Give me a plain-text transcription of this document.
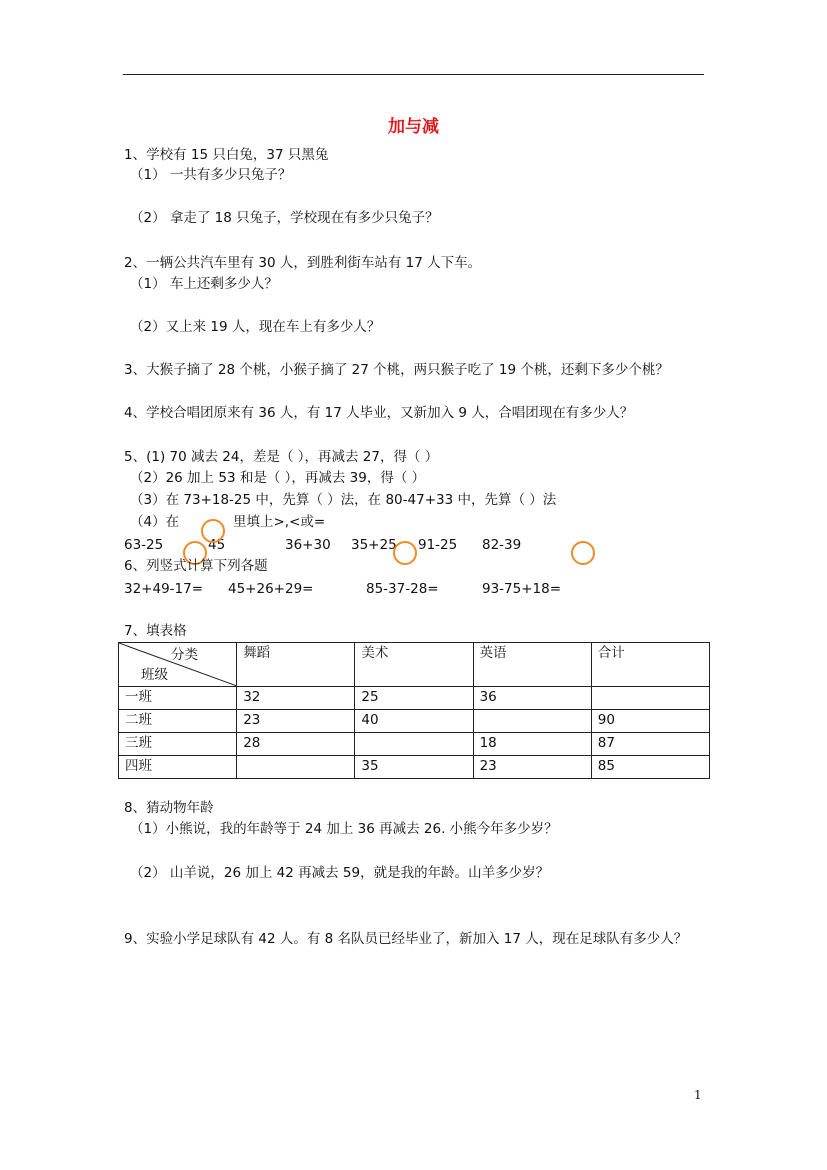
加与减
1、学校有 15 只白兔，37 只黑兔
（1） 一共有多少只兔子？
（2） 拿走了 18 只兔子，学校现在有多少只兔子？
2、一辆公共汽车里有 30 人，到胜利街车站有 17 人下车。
（1） 车上还剩多少人？
（2）又上来 19 人，现在车上有多少人？
3、大猴子摘了 28 个桃，小猴子摘了 27 个桃，两只猴子吃了 19 个桃，还剩下多少个桃？
4、学校合唱团原来有 36 人，有 17 人毕业，又新加入 9 人，合唱团现在有多少人？
5、(1) 70 减去 24，差是（ ），再减去 27，得（ ）
（2）26 加上 53 和是（ ），再减去 39，得（ ）
（3）在 73+18-25 中，先算（ ）法，在 80-47+33 中，先算（ ）法
（4）在	里填上>,<或=
63-25	45	36+30 35+25 91-25 82-39
6、列竖式计算下列各题
32+49-17= 45+26+29=	85-37-28=	93-75+18=
7、填表格
分类
班级	舞蹈	美术	英语	合计
一班	32	25	36	
二班	23	40		90
三班	28		18	87
四班		35	23	85
8、猜动物年龄
（1）小熊说，我的年龄等于 24 加上 36 再减去 26. 小熊今年多少岁？
（2） 山羊说，26 加上 42 再减去 59，就是我的年龄。山羊多少岁？
9、实验小学足球队有 42 人。有 8 名队员已经毕业了，新加入 17 人，现在足球队有多少人？
1
